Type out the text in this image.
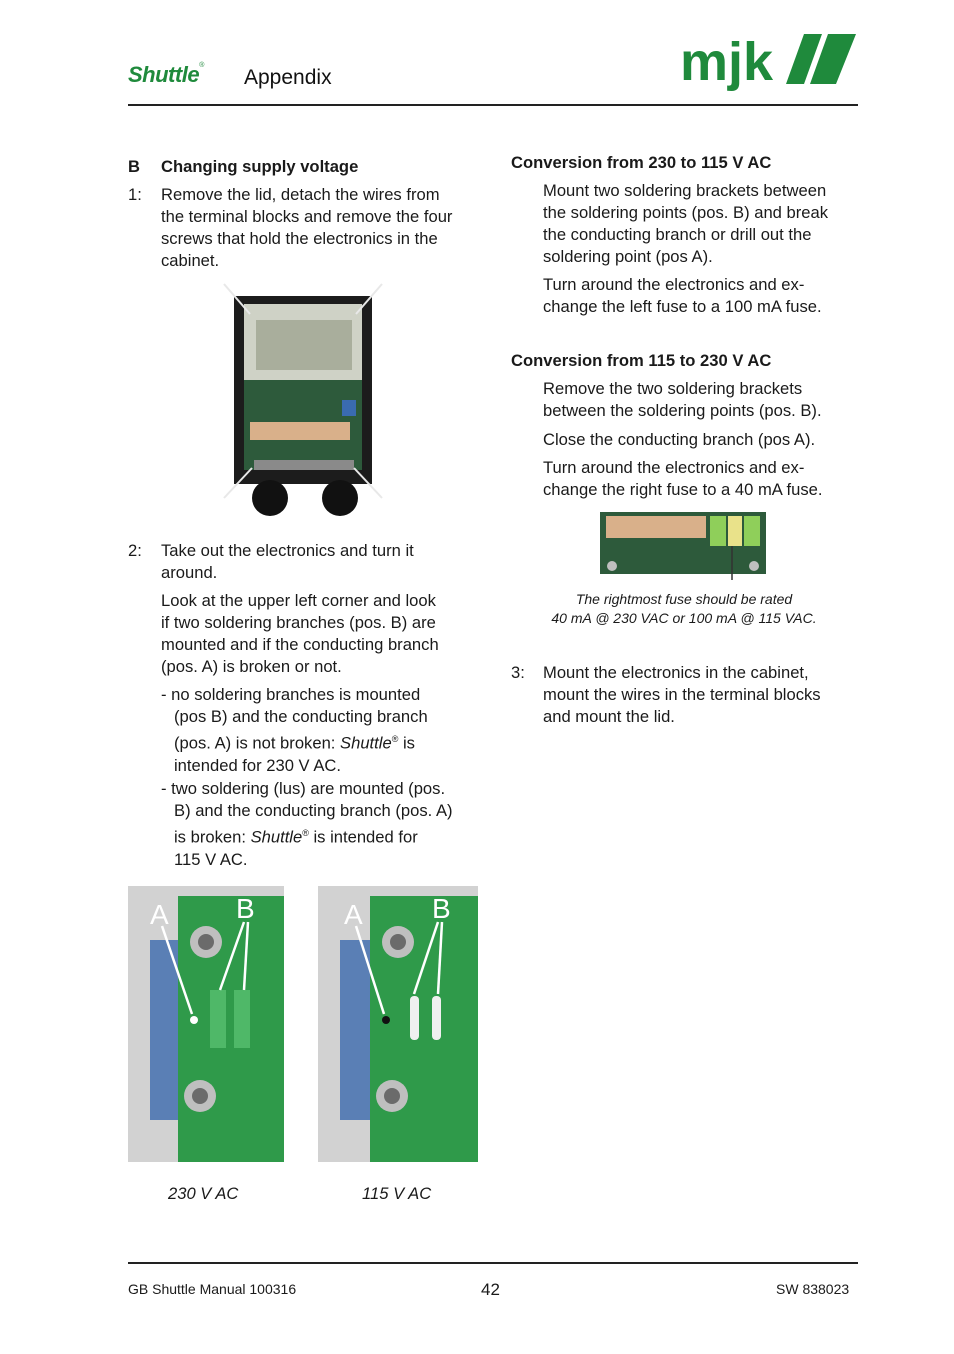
Shuttle®
Appendix	mjk
B Changing supply voltage
1:	Remove the lid, detach the wires from
the terminal blocks and remove the four
screws that hold the electronics in the
cabinet.
2:	Take out the electronics and turn it
around.
Look at the upper left corner and look
if two soldering branches (pos. B) are
mounted and if the conducting branch
(pos. A) is broken or not.
- no soldering branches is mounted
(pos B) and the conducting branch
(pos. A) is not broken: Shuttle® is
intended for 230 V AC.
- two soldering (lus) are mounted (pos.
B) and the conducting branch (pos. A)
is broken: Shuttle® is intended for
115 V AC.
A B	A B
230 V AC	115 V AC
Conversion from 230 to 115 V AC
Mount two soldering brackets between
the soldering points (pos. B) and break
the conducting branch or drill out the
soldering point (pos A).
Turn around the electronics and ex-
change the left fuse to a 100 mA fuse.
Conversion from 115 to 230 V AC
Remove the two soldering brackets
between the soldering points (pos. B).
Close the conducting branch (pos A).
Turn around the electronics and ex-
change the right fuse to a 40 mA fuse.
The rightmost fuse should be rated
40 mA @ 230 VAC or 100 mA @ 115 VAC.
3:	Mount the electronics in the cabinet,
mount the wires in the terminal blocks
and mount the lid.
GB Shuttle Manual 100316	42	SW 838023
